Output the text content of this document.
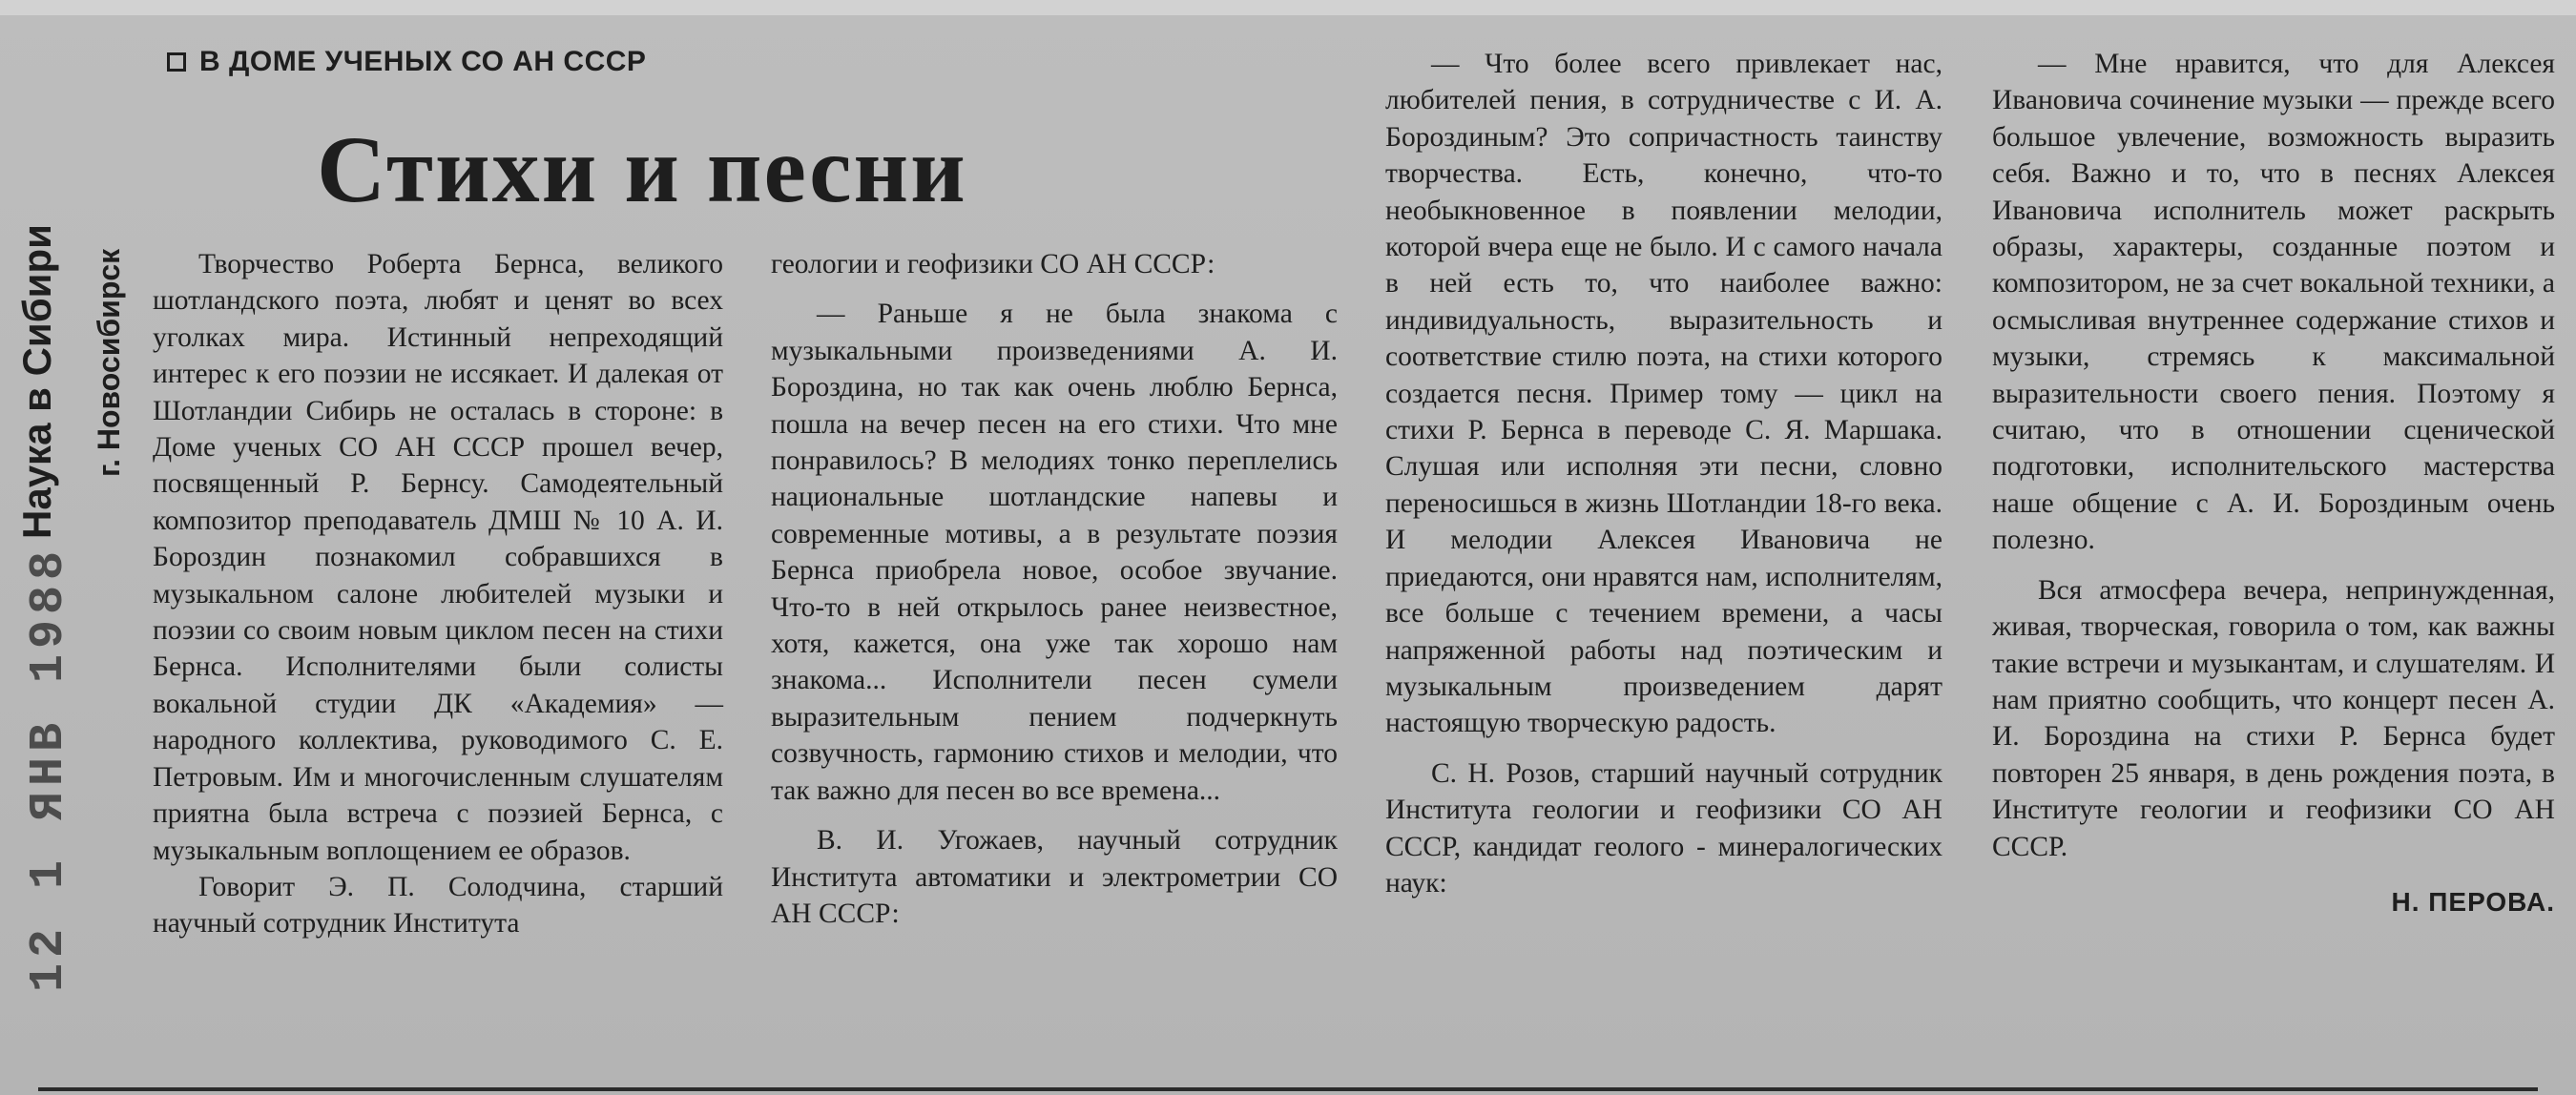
Наука в Сибири	г. Новосибирск
12 1 ЯНВ 1988
В ДОМЕ УЧЕНЫХ СО АН СССР
Стихи и песни

Творчество Роберта Бернса, великого шотландского поэта, любят и ценят во всех уголках мира. Истинный непреходящий интерес к его поэзии не иссякает. И далекая от Шотландии Сибирь не осталась в стороне: в Доме ученых СО АН СССР прошел вечер, посвященный Р. Бернсу. Самодеятельный композитор преподаватель ДМШ № 10 А. И. Бороздин познакомил собравшихся в музыкальном салоне любителей музыки и поэзии со своим новым циклом песен на стихи Бернса. Исполнителями были солисты вокальной студии ДК «Академия» — народного коллектива, руководимого С. Е. Петровым. Им и многочисленным слушателям приятна была встреча с поэзией Бернса, с музыкальным воплощением ее образов.

Говорит Э. П. Солодчина, старший научный сотрудник Института

геологии и геофизики СО АН СССР:

— Раньше я не была знакома с музыкальными произведениями А. И. Бороздина, но так как очень люблю Бернса, пошла на вечер песен на его стихи. Что мне понравилось? В мелодиях тонко переплелись национальные шотландские напевы и современные мотивы, а в результате поэзия Бернса приобрела новое, особое звучание. Что-то в ней открылось ранее неизвестное, хотя, кажется, она уже так хорошо нам знакома... Исполнители песен сумели выразительным пением подчеркнуть созвучность, гармонию стихов и мелодии, что так важно для песен во все времена...

В. И. Угожаев, научный сотрудник Института автоматики и электрометрии СО АН СССР:

— Что более всего привлекает нас, любителей пения, в сотрудничестве с И. А. Бороздиным? Это сопричастность таинству творчества. Есть, конечно, что-то необыкновенное в появлении мелодии, которой вчера еще не было. И с самого начала в ней есть то, что наиболее важно: индивидуальность, выразительность и соответствие стилю поэта, на стихи которого создается песня. Пример тому — цикл на стихи Р. Бернса в переводе С. Я. Маршака. Слушая или исполняя эти песни, словно переносишься в жизнь Шотландии 18-го века. И мелодии Алексея Ивановича не приедаются, они нравятся нам, исполнителям, все больше с течением времени, а часы напряженной работы над поэтическим и музыкальным произведением дарят настоящую творческую радость.

С. Н. Розов, старший научный сотрудник Института геологии и геофизики СО АН СССР, кандидат геолого - минералогических наук:

— Мне нравится, что для Алексея Ивановича сочинение музыки — прежде всего большое увлечение, возможность выразить себя. Важно и то, что в песнях Алексея Ивановича исполнитель может раскрыть образы, характеры, созданные поэтом и композитором, не за счет вокальной техники, а осмысливая внутреннее содержание стихов и музыки, стремясь к максимальной выразительности своего пения. Поэтому я считаю, что в отношении сценической подготовки, исполнительского мастерства наше общение с А. И. Бороздиным очень полезно.

Вся атмосфера вечера, непринужденная, живая, творческая, говорила о том, как важны такие встречи и музыкантам, и слушателям. И нам приятно сообщить, что концерт песен А. И. Бороздина на стихи Р. Бернса будет повторен 25 января, в день рождения поэта, в Институте геологии и геофизики СО АН СССР.

Н. ПЕРОВА.
